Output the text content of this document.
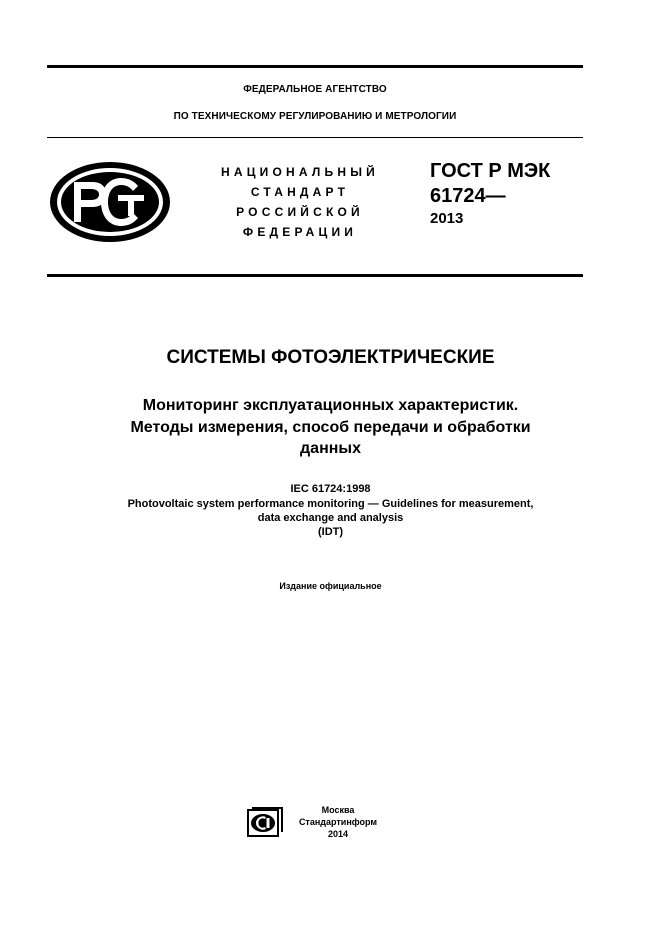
ФЕДЕРАЛЬНОЕ АГЕНТСТВО
ПО ТЕХНИЧЕСКОМУ РЕГУЛИРОВАНИЮ И МЕТРОЛОГИИ
НАЦИОНАЛЬНЫЙ
СТАНДАРТ
РОССИЙСКОЙ
ФЕДЕРАЦИИ
ГОСТ Р МЭК
61724—
2013
СИСТЕМЫ ФОТОЭЛЕКТРИЧЕСКИЕ
Мониторинг эксплуатационных характеристик.
Методы измерения, способ передачи и обработки
данных
IEC 61724:1998
Photovoltaic system performance monitoring — Guidelines for measurement,
data exchange and analysis
(IDT)
Издание официальное
Москва
Стандартинформ
2014
